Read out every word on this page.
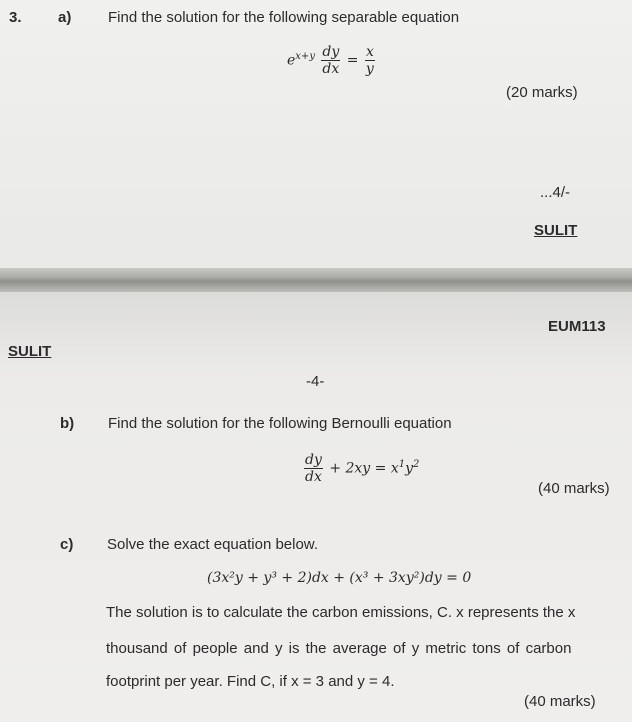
3. a) Find the solution for the following separable equation
$e^{x+y} \frac{dy}{dx} = \frac{x}{y}$
(20 marks)
...4/-
SULIT
EUM113
SULIT
-4-
b) Find the solution for the following Bernoulli equation
$\frac{dy}{dx} + 2xy = x^1y^2$
(40 marks)
c) Solve the exact equation below.
(3x²y + y³ + 2)dx + (x³ + 3xy²)dy = 0
The solution is to calculate the carbon emissions, C. x represents the x
thousand of people and y is the average of y metric tons of carbon
footprint per year. Find C, if x = 3 and y = 4.
(40 marks)
